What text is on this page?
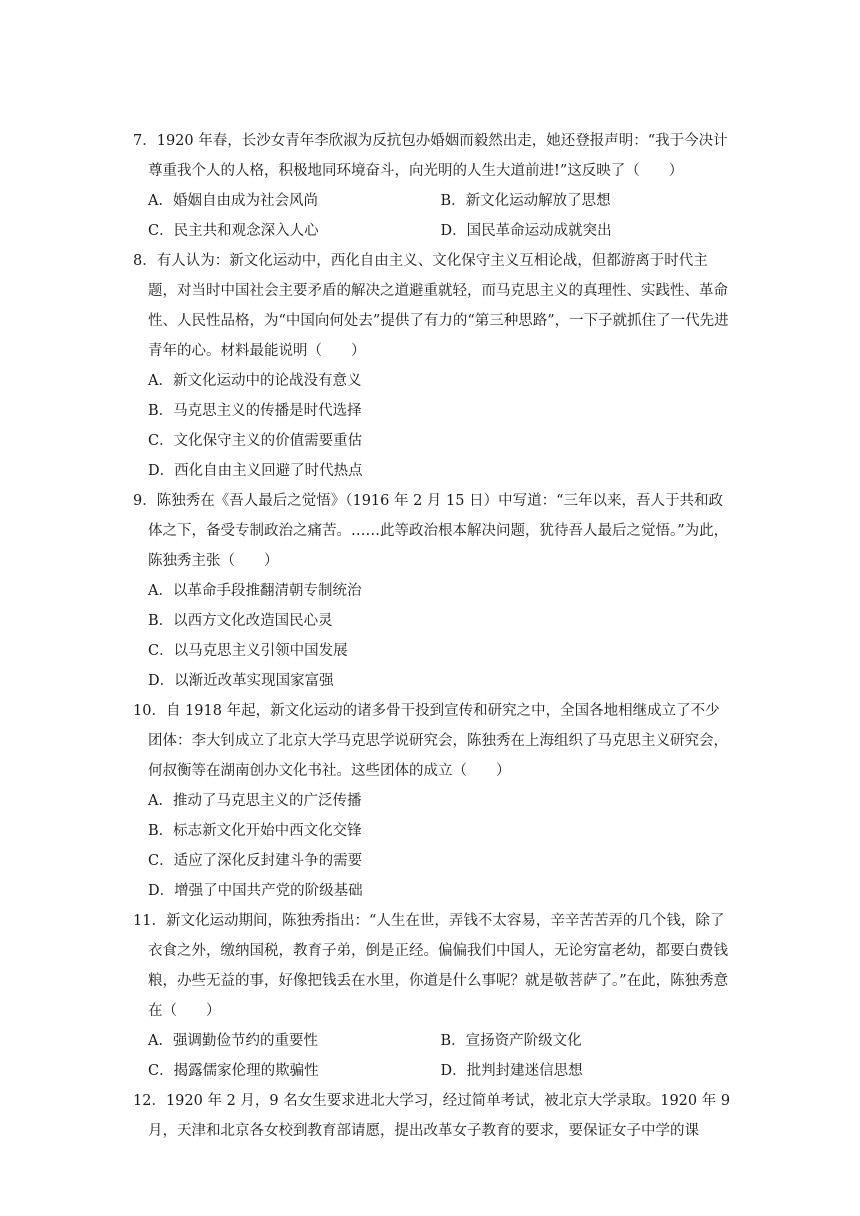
7．1920 年春，长沙女青年李欣淑为反抗包办婚姻而毅然出走，她还登报声明：“我于今决计尊重我个人的人格，积极地同环境奋斗，向光明的人生大道前进!”这反映了（　　）

A．婚姻自由成为社会风尚	B．新文化运动解放了思想
C．民主共和观念深入人心	D．国民革命运动成就突出

8．有人认为：新文化运动中，西化自由主义、文化保守主义互相论战，但都游离于时代主题，对当时中国社会主要矛盾的解决之道避重就轻，而马克思主义的真理性、实践性、革命性、人民性品格，为“中国向何处去”提供了有力的“第三种思路”，一下子就抓住了一代先进青年的心。材料最能说明（　　）

A．新文化运动中的论战没有意义
B．马克思主义的传播是时代选择
C．文化保守主义的价值需要重估
D．西化自由主义回避了时代热点

9．陈独秀在《吾人最后之觉悟》（1916 年 2 月 15 日）中写道：“三年以来，吾人于共和政体之下，备受专制政治之痛苦。……此等政治根本解决问题，犹待吾人最后之觉悟。”为此，陈独秀主张（　　）

A．以革命手段推翻清朝专制统治
B．以西方文化改造国民心灵
C．以马克思主义引领中国发展
D．以渐近改革实现国家富强

10．自 1918 年起，新文化运动的诸多骨干投到宣传和研究之中，全国各地相继成立了不少团体：李大钊成立了北京大学马克思学说研究会，陈独秀在上海组织了马克思主义研究会，何叔衡等在湖南创办文化书社。这些团体的成立（　　）

A．推动了马克思主义的广泛传播
B．标志新文化开始中西文化交锋
C．适应了深化反封建斗争的需要
D．增强了中国共产党的阶级基础

11．新文化运动期间，陈独秀指出：“人生在世，弄钱不太容易，辛辛苦苦弄的几个钱，除了衣食之外，缴纳国税，教育子弟，倒是正经。偏偏我们中国人，无论穷富老幼，都要白费钱粮，办些无益的事，好像把钱丢在水里，你道是什么事呢？就是敬菩萨了。”在此，陈独秀意在（　　）

A．强调勤俭节约的重要性	B．宣扬资产阶级文化
C．揭露儒家伦理的欺骗性	D．批判封建迷信思想

12．1920 年 2 月，9 名女生要求进北大学习，经过简单考试，被北京大学录取。1920 年 9 月，天津和北京各女校到教育部请愿，提出改革女子教育的要求，要保证女子中学的课
